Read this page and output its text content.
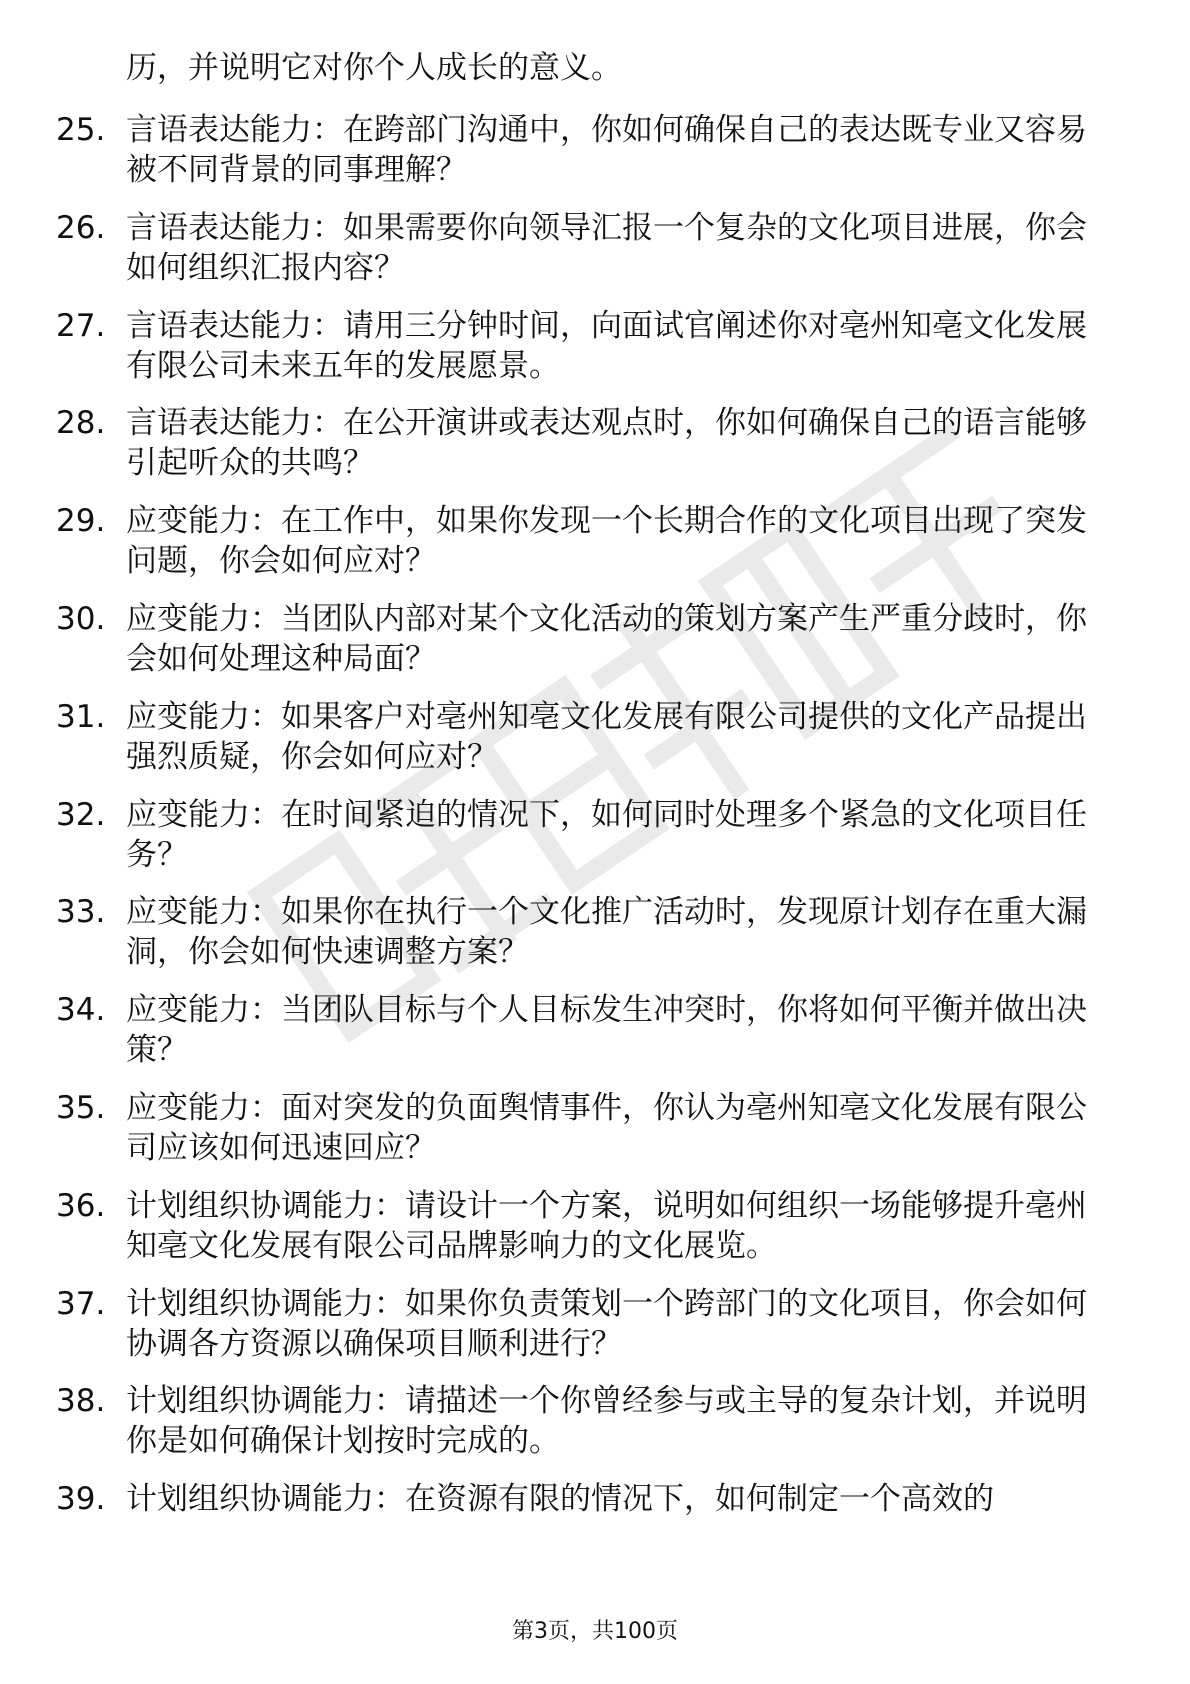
历，并说明它对你个人成长的意义。
25. 言语表达能力：在跨部门沟通中，你如何确保自己的表达既专业又容易被不同背景的同事理解？
26. 言语表达能力：如果需要你向领导汇报一个复杂的文化项目进展，你会如何组织汇报内容？
27. 言语表达能力：请用三分钟时间，向面试官阐述你对亳州知亳文化发展有限公司未来五年的发展愿景。
28. 言语表达能力：在公开演讲或表达观点时，你如何确保自己的语言能够引起听众的共鸣？
29. 应变能力：在工作中，如果你发现一个长期合作的文化项目出现了突发问题，你会如何应对？
30. 应变能力：当团队内部对某个文化活动的策划方案产生严重分歧时，你会如何处理这种局面？
31. 应变能力：如果客户对亳州知亳文化发展有限公司提供的文化产品提出强烈质疑，你会如何应对？
32. 应变能力：在时间紧迫的情况下，如何同时处理多个紧急的文化项目任务？
33. 应变能力：如果你在执行一个文化推广活动时，发现原计划存在重大漏洞，你会如何快速调整方案？
34. 应变能力：当团队目标与个人目标发生冲突时，你将如何平衡并做出决策？
35. 应变能力：面对突发的负面舆情事件，你认为亳州知亳文化发展有限公司应该如何迅速回应？
36. 计划组织协调能力：请设计一个方案，说明如何组织一场能够提升亳州知亳文化发展有限公司品牌影响力的文化展览。
37. 计划组织协调能力：如果你负责策划一个跨部门的文化项目，你会如何协调各方资源以确保项目顺利进行？
38. 计划组织协调能力：请描述一个你曾经参与或主导的复杂计划，并说明你是如何确保计划按时完成的。
39. 计划组织协调能力：在资源有限的情况下，如何制定一个高效的
第3页，共100页
